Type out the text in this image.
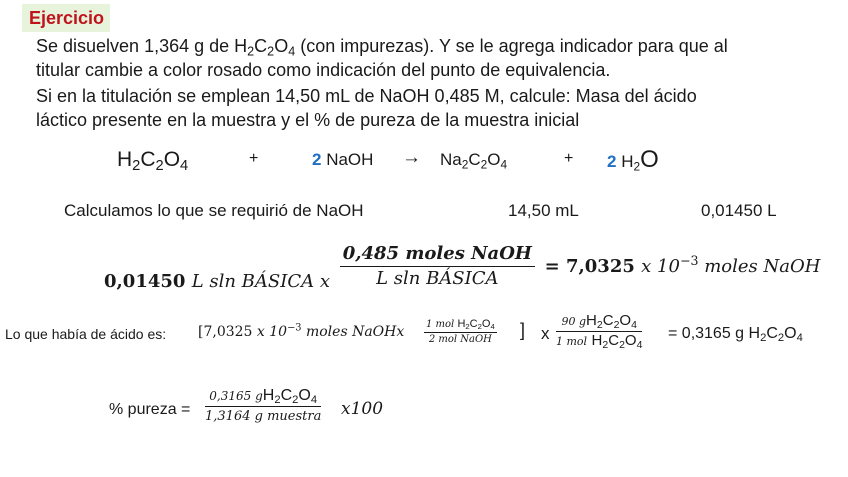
Ejercicio
Se disuelven 1,364 g de $H_2C_2O_4$ (con impurezas). Y se le agrega indicador para que al
titular cambie a color rosado como indicación del punto de equivalencia.
Si en la titulación se emplean 14,50 mL de NaOH 0,485 M, calcule: Masa del ácido
láctico presente en la muestra y el % de pureza de la muestra inicial
$H_2C_2O_4$	+	2 NaOH → $Na_2C_2O_4$	+ 2 $H_2O$
Calculamos lo que se requirió de NaOH	14,50 mL	0,01450 L
0,01450 L sln BÁSICA x $\frac{\text{0,485 moles NaOH}}{\text{L sln BÁSICA}} = 7,0325$ x $10^{-3}$ moles NaOH
Lo que había de ácido es: [7,0325 x $10^{-3}$ moles NaOHx 1 mol $H_2C_2O_4$
2 mol NaOH ] x
90 $gH_2C_2O_4$
1 mol $H_2C_2O_4$
= 0,3165 g $H_2C_2O_4$
% pureza =
0,3165 $gH_2C_2O_4$
1,3164 g muestra x100
